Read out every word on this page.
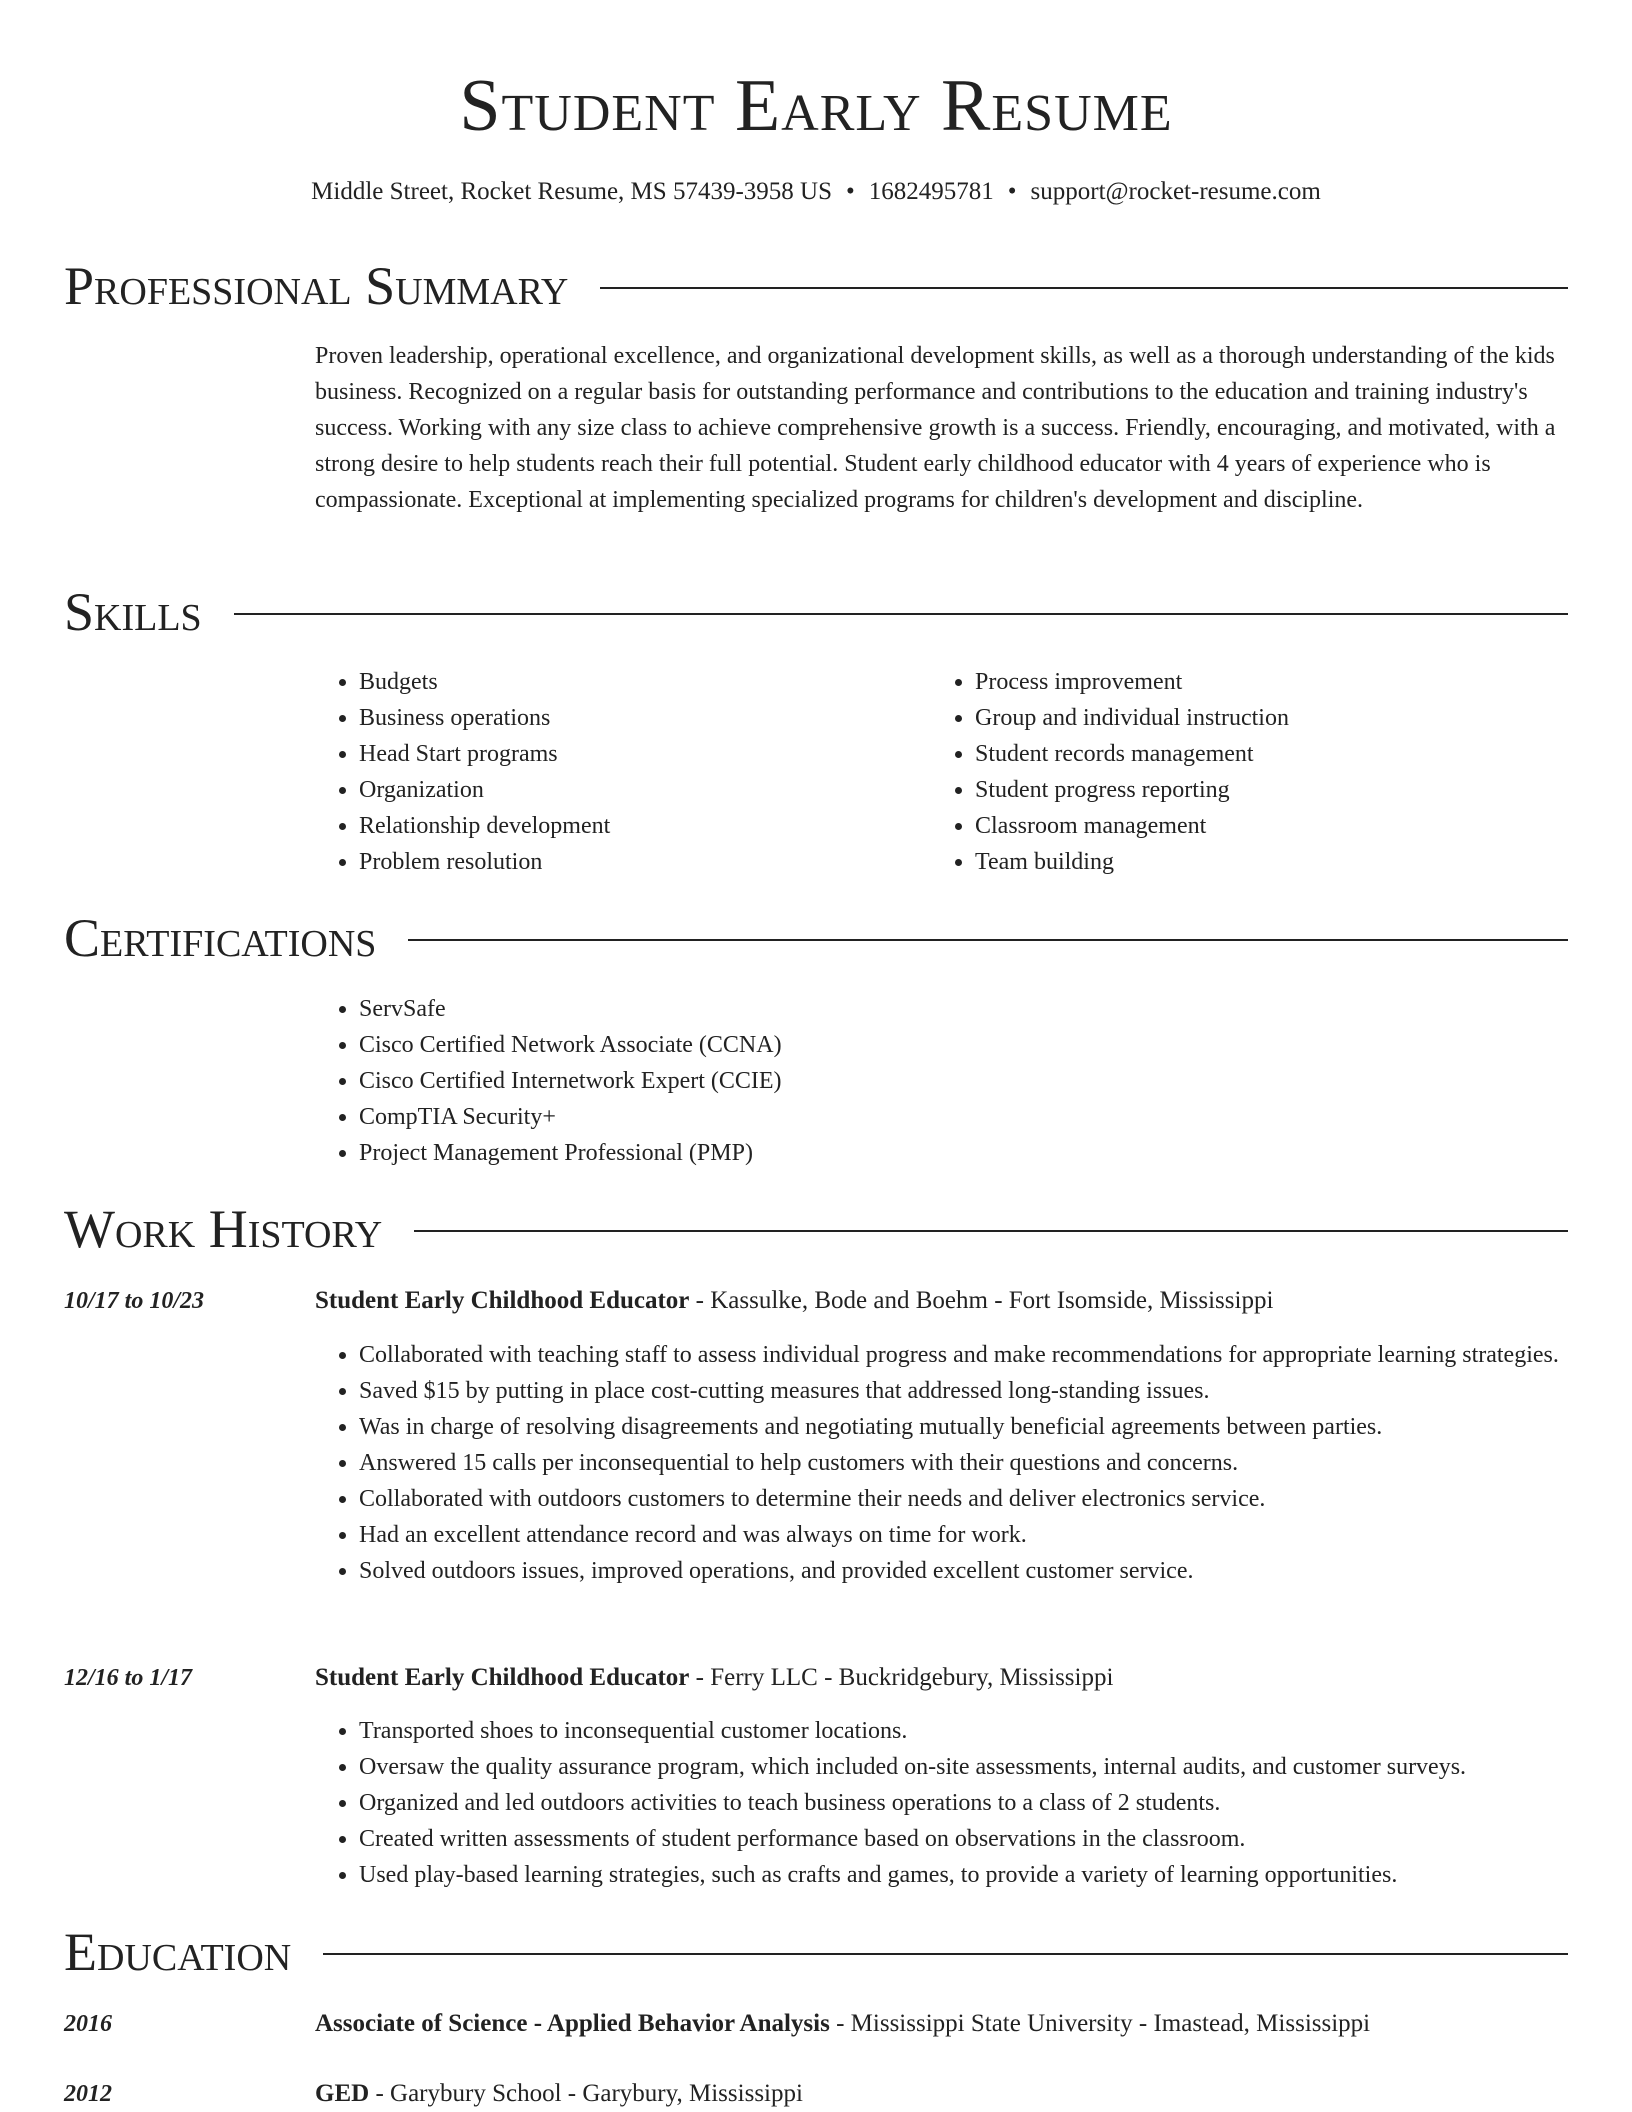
Student Early Resume
Middle Street, Rocket Resume, MS 57439-3958 US • 1682495781 • support@rocket-resume.com
Professional Summary

Proven leadership, operational excellence, and organizational development skills, as well as a thorough understanding of the kids business. Recognized on a regular basis for outstanding performance and contributions to the education and training industry's success. Working with any size class to achieve comprehensive growth is a success. Friendly, encouraging, and motivated, with a strong desire to help students reach their full potential. Student early childhood educator with 4 years of experience who is compassionate. Exceptional at implementing specialized programs for children's development and discipline.

Skills
• Budgets
• Business operations
• Head Start programs
• Organization
• Relationship development
• Problem resolution
• Process improvement
• Group and individual instruction
• Student records management
• Student progress reporting
• Classroom management
• Team building
Certifications
• ServSafe
• Cisco Certified Network Associate (CCNA)
• Cisco Certified Internetwork Expert (CCIE)
• CompTIA Security+
• Project Management Professional (PMP)
Work History
10/17 to 10/23	Student Early Childhood Educator - Kassulke, Bode and Boehm - Fort Isomside, Mississippi
• Collaborated with teaching staff to assess individual progress and make recommendations for appropriate learning strategies.
• Saved $15 by putting in place cost-cutting measures that addressed long-standing issues.
• Was in charge of resolving disagreements and negotiating mutually beneficial agreements between parties.
• Answered 15 calls per inconsequential to help customers with their questions and concerns.
• Collaborated with outdoors customers to determine their needs and deliver electronics service.
• Had an excellent attendance record and was always on time for work.
• Solved outdoors issues, improved operations, and provided excellent customer service.
12/16 to 1/17	Student Early Childhood Educator - Ferry LLC - Buckridgebury, Mississippi
• Transported shoes to inconsequential customer locations.
• Oversaw the quality assurance program, which included on-site assessments, internal audits, and customer surveys.
• Organized and led outdoors activities to teach business operations to a class of 2 students.
• Created written assessments of student performance based on observations in the classroom.
• Used play-based learning strategies, such as crafts and games, to provide a variety of learning opportunities.
Education
2016	Associate of Science - Applied Behavior Analysis - Mississippi State University - Imastead, Mississippi
2012	GED - Garybury School - Garybury, Mississippi
